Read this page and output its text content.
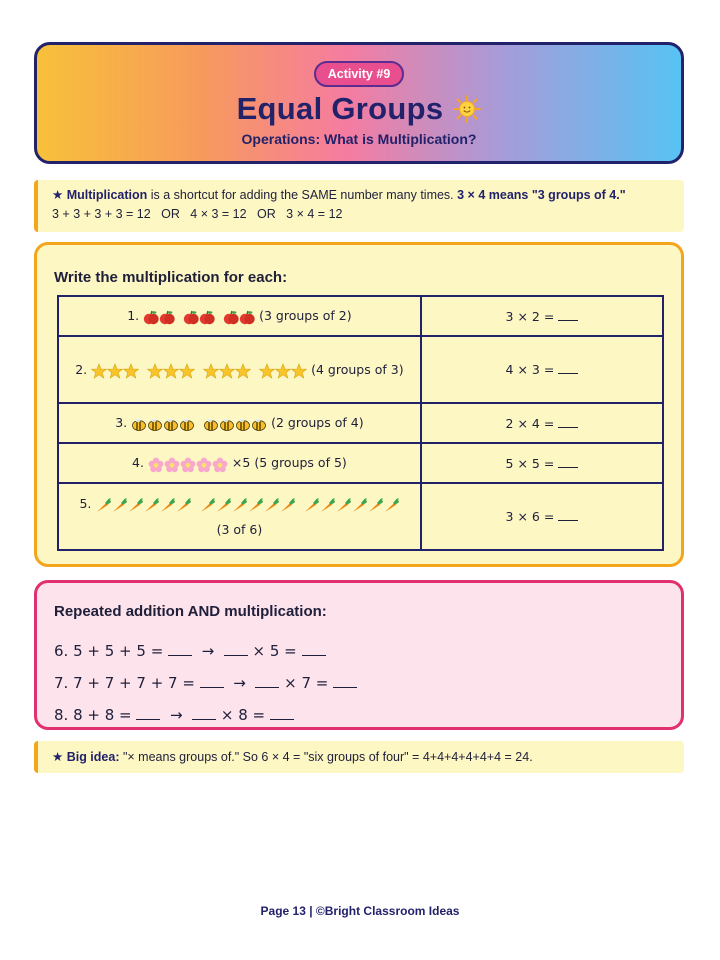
Activity #9
Equal Groups
Operations: What is Multiplication?
★ Multiplication is a shortcut for adding the SAME number many times. 3 × 4 means "3 groups of 4."
3 + 3 + 3 + 3 = 12   OR   4 × 3 = 12   OR   3 × 4 = 12
Write the multiplication for each:
1. (3 groups of 2)	3 × 2 =
2. (4 groups of 3)	4 × 3 =
3. (2 groups of 4)	2 × 4 =
4. ×5 (5 groups of 5)	5 × 5 =
5.
(3 of 6)	3 × 6 =
Repeated addition AND multiplication:
6. 5 + 5 + 5 =	→	× 5 =
7. 7 + 7 + 7 + 7 =	→	× 7 =
8. 8 + 8 =	→	× 8 =
★ Big idea: "× means groups of." So 6 × 4 = "six groups of four" = 4+4+4+4+4+4 = 24.
Page 13 | ©Bright Classroom Ideas
